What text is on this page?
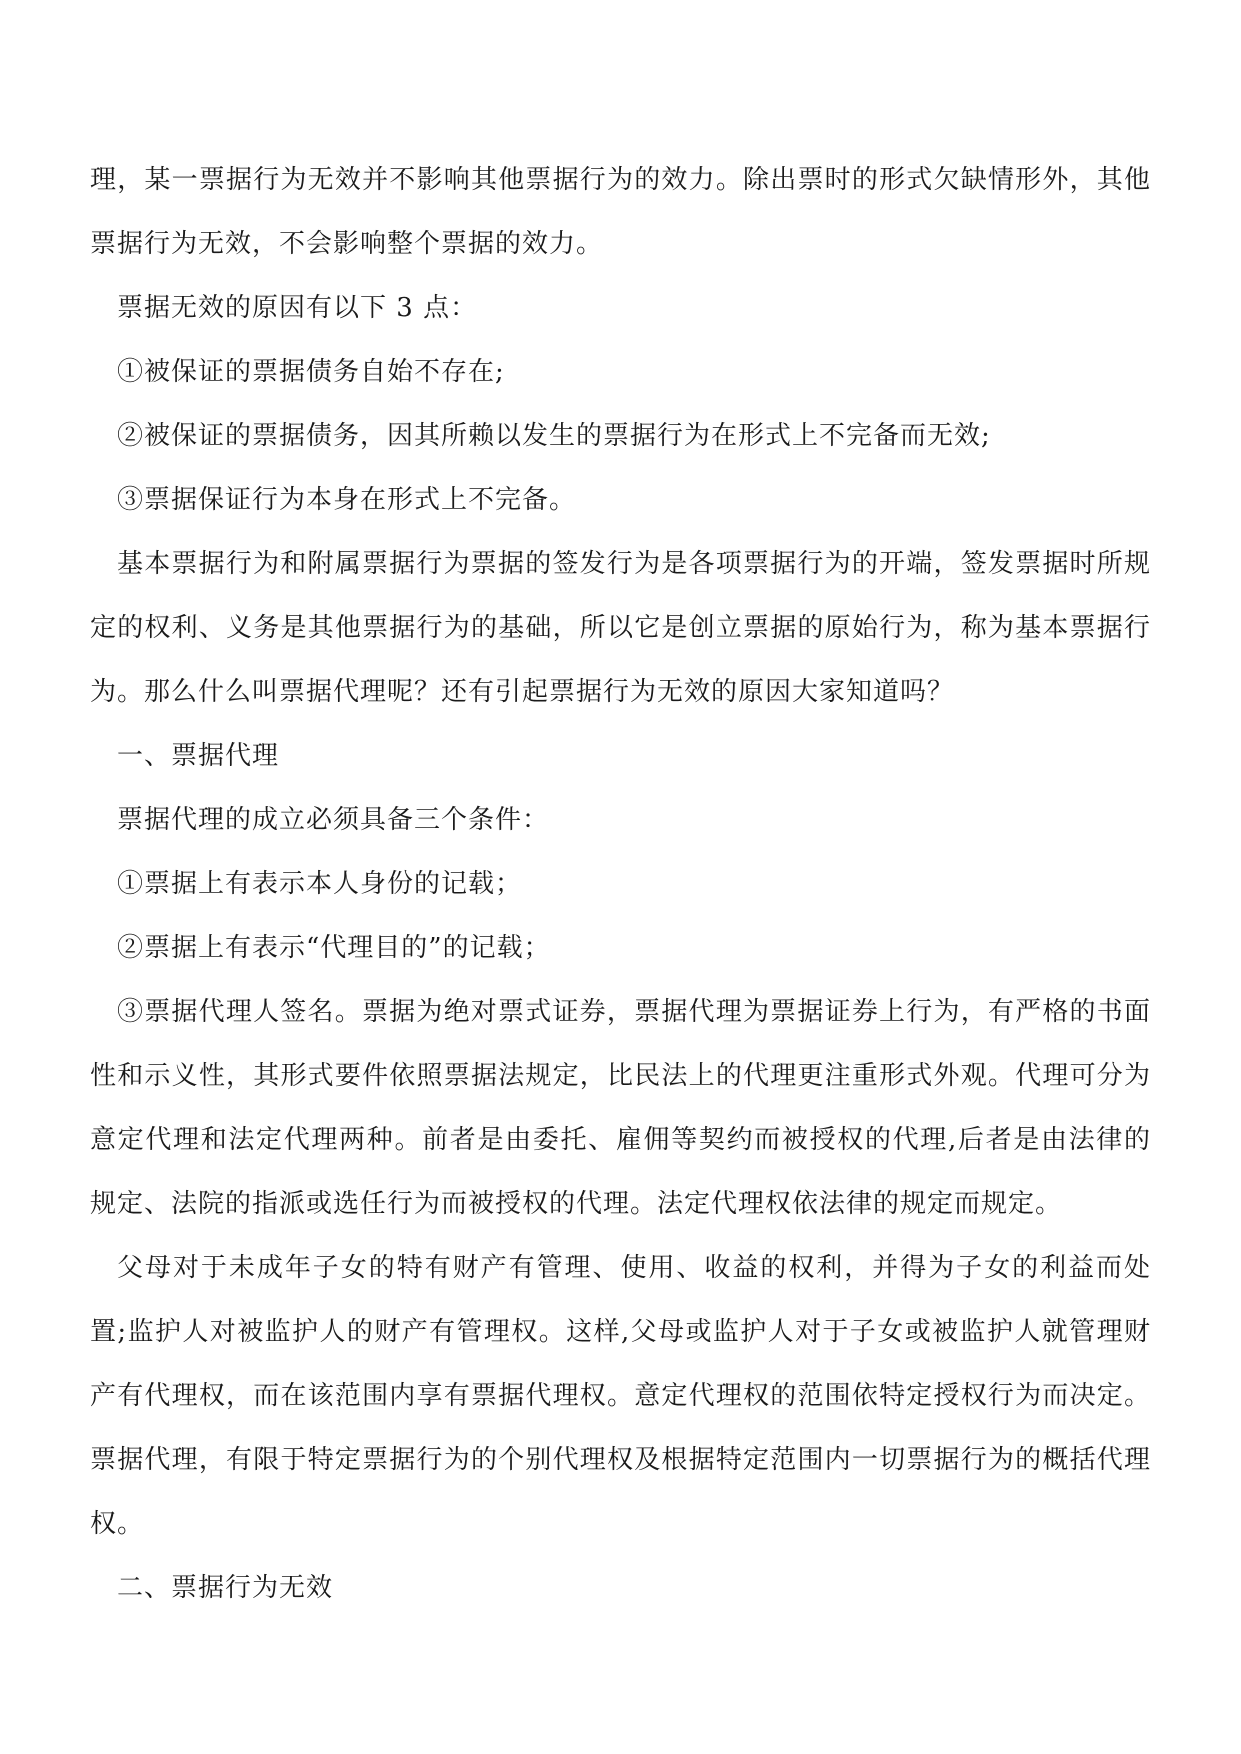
理，某一票据行为无效并不影响其他票据行为的效力。除出票时的形式欠缺情形外，其他票据行为无效，不会影响整个票据的效力。

票据无效的原因有以下 3 点：

①被保证的票据债务自始不存在;

②被保证的票据债务，因其所赖以发生的票据行为在形式上不完备而无效;

③票据保证行为本身在形式上不完备。

基本票据行为和附属票据行为票据的签发行为是各项票据行为的开端，签发票据时所规定的权利、义务是其他票据行为的基础，所以它是创立票据的原始行为，称为基本票据行为。那么什么叫票据代理呢？还有引起票据行为无效的原因大家知道吗？

一、票据代理

票据代理的成立必须具备三个条件：

①票据上有表示本人身份的记载；

②票据上有表示“代理目的”的记载；

③票据代理人签名。票据为绝对票式证券，票据代理为票据证券上行为，有严格的书面性和示义性，其形式要件依照票据法规定，比民法上的代理更注重形式外观。代理可分为意定代理和法定代理两种。前者是由委托、雇佣等契约而被授权的代理,后者是由法律的规定、法院的指派或选任行为而被授权的代理。法定代理权依法律的规定而规定。

父母对于未成年子女的特有财产有管理、使用、收益的权利，并得为子女的利益而处置;监护人对被监护人的财产有管理权。这样,父母或监护人对于子女或被监护人就管理财产有代理权，而在该范围内享有票据代理权。意定代理权的范围依特定授权行为而决定。票据代理，有限于特定票据行为的个别代理权及根据特定范围内一切票据行为的概括代理权。

二、票据行为无效
